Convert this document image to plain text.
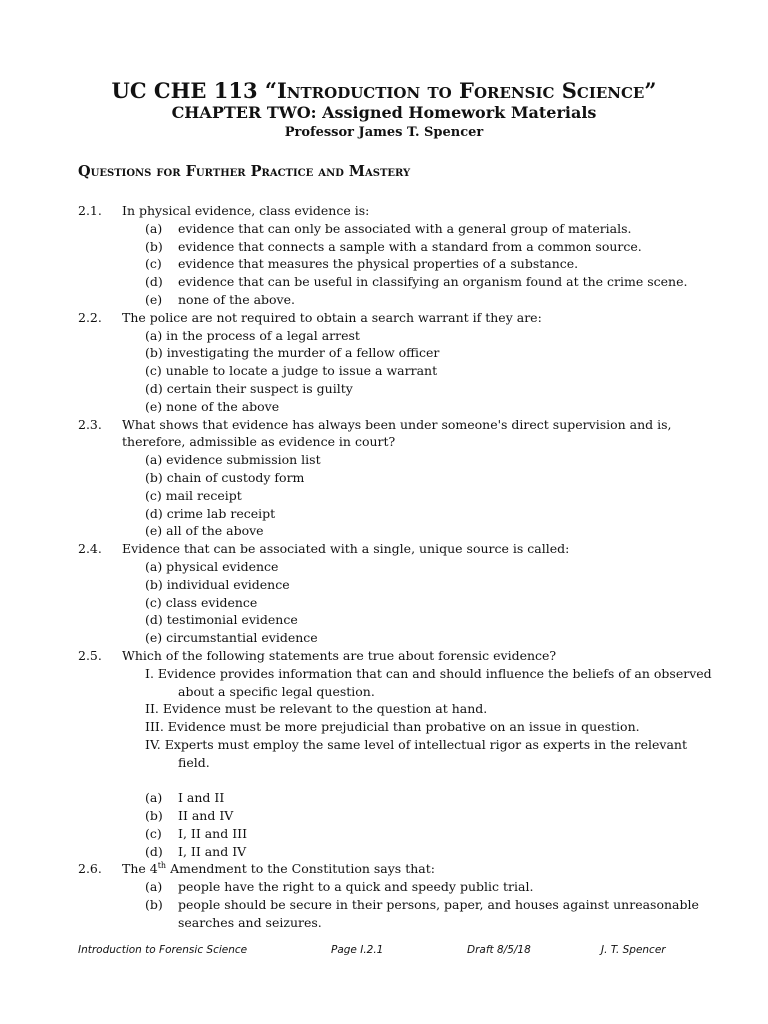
UC CHE 113 “Introduction to Forensic Science”
CHAPTER TWO: Assigned Homework Materials
Professor James T. Spencer
Questions for Further Practice and Mastery
2.1. In physical evidence, class evidence is:
(a) evidence that can only be associated with a general group of materials.
(b) evidence that connects a sample with a standard from a common source.
(c) evidence that measures the physical properties of a substance.
(d) evidence that can be useful in classifying an organism found at the crime scene.
(e) none of the above.
2.2. The police are not required to obtain a search warrant if they are:
(a) in the process of a legal arrest
(b) investigating the murder of a fellow officer
(c) unable to locate a judge to issue a warrant
(d) certain their suspect is guilty
(e) none of the above
2.3. What shows that evidence has always been under someone's direct supervision and is,
therefore, admissible as evidence in court?
(a) evidence submission list
(b) chain of custody form
(c) mail receipt
(d) crime lab receipt
(e) all of the above
2.4. Evidence that can be associated with a single, unique source is called:
(a) physical evidence
(b) individual evidence
(c) class evidence
(d) testimonial evidence
(e) circumstantial evidence
2.5. Which of the following statements are true about forensic evidence?
I. Evidence provides information that can and should influence the beliefs of an observed
about a specific legal question.
II. Evidence must be relevant to the question at hand.
III. Evidence must be more prejudicial than probative on an issue in question.
IV. Experts must employ the same level of intellectual rigor as experts in the relevant
field.
(a) I and II
(b) II and IV
(c) I, II and III
(d) I, II and IV
2.6. The 4th Amendment to the Constitution says that:
(a) people have the right to a quick and speedy public trial.
(b) people should be secure in their persons, paper, and houses against unreasonable
searches and seizures.
Introduction to Forensic Science	Page I.2.1	Draft 8/5/18	J. T. Spencer
